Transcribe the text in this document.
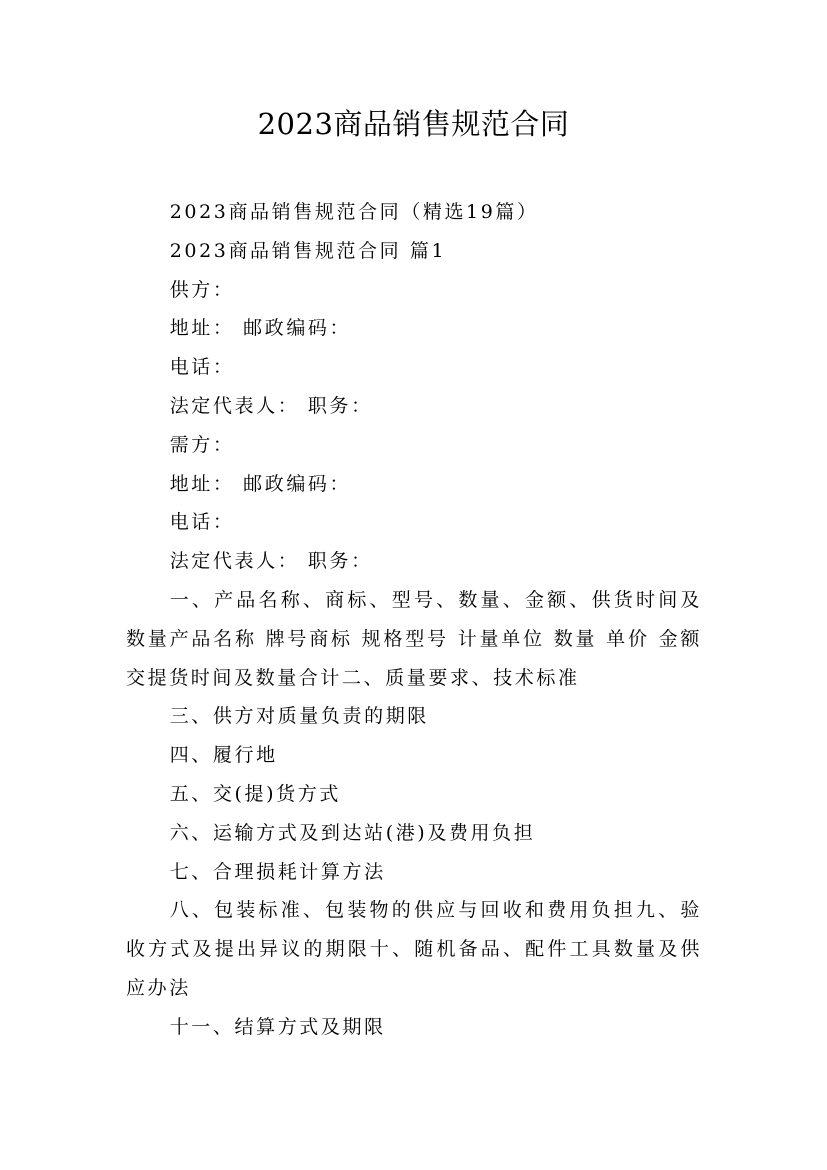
2023商品销售规范合同

2023商品销售规范合同（精选19篇）

2023商品销售规范合同 篇1

供方：

地址： 邮政编码：

电话：

法定代表人： 职务：

需方：

地址： 邮政编码：

电话：

法定代表人： 职务：

一、产品名称、商标、型号、数量、金额、供货时间及数量产品名称 牌号商标 规格型号 计量单位 数量 单价 金额交提货时间及数量合计二、质量要求、技术标准

三、供方对质量负责的期限

四、履行地

五、交(提)货方式

六、运输方式及到达站(港)及费用负担

七、合理损耗计算方法

八、包装标准、包装物的供应与回收和费用负担九、验收方式及提出异议的期限十、随机备品、配件工具数量及供应办法

十一、结算方式及期限
